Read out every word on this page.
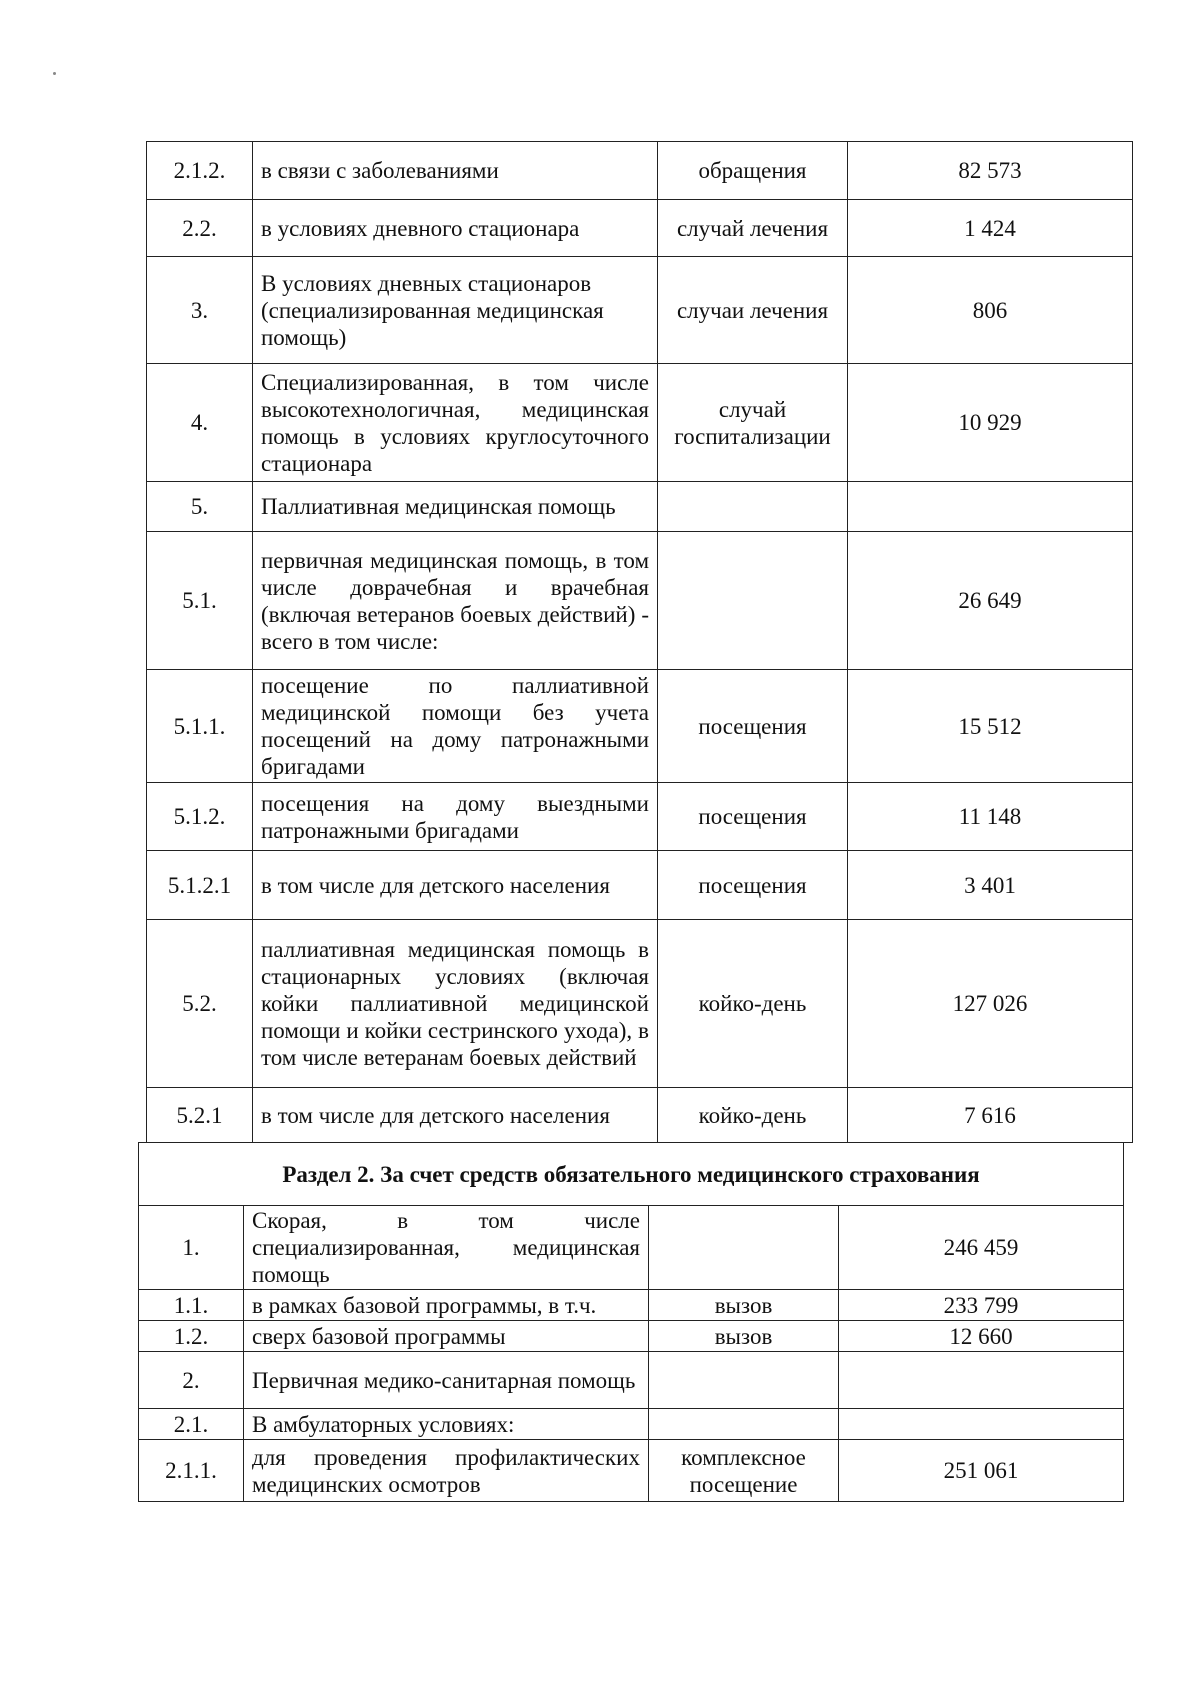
2.1.2.	в связи с заболеваниями	обращения	82 573
2.2.	в условиях дневного стационара	случай лечения	1 424
3.	В условиях дневных стационаров (специализированная медицинская помощь)	случаи лечения	806
4.	Специализированная, в том числе высокотехнологичная, медицинская помощь в условиях круглосуточного стационара	случай госпитализации	10 929
5.	Паллиативная медицинская помощь		
5.1.	первичная медицинская помощь, в том числе доврачебная и врачебная (включая ветеранов боевых действий) - всего в том числе:		26 649
5.1.1.	посещение по паллиативной медицинской помощи без учета посещений на дому патронажными бригадами	посещения	15 512
5.1.2.	посещения на дому выездными патронажными бригадами	посещения	11 148
5.1.2.1	в том числе для детского населения	посещения	3 401
5.2.	паллиативная медицинская помощь в стационарных условиях (включая койки паллиативной медицинской помощи и койки сестринского ухода), в том числе ветеранам боевых действий	койко-день	127 026
5.2.1	в том числе для детского населения	койко-день	7 616
Раздел 2. За счет средств обязательного медицинского страхования			
1.	Скорая, в том числе специализированная, медицинская помощь		246 459
1.1.	в рамках базовой программы, в т.ч.	вызов	233 799
1.2.	сверх базовой программы	вызов	12 660
2.	Первичная медико-санитарная помощь		
2.1.	В амбулаторных условиях:		
2.1.1.	для проведения профилактических медицинских осмотров	комплексное посещение	251 061
